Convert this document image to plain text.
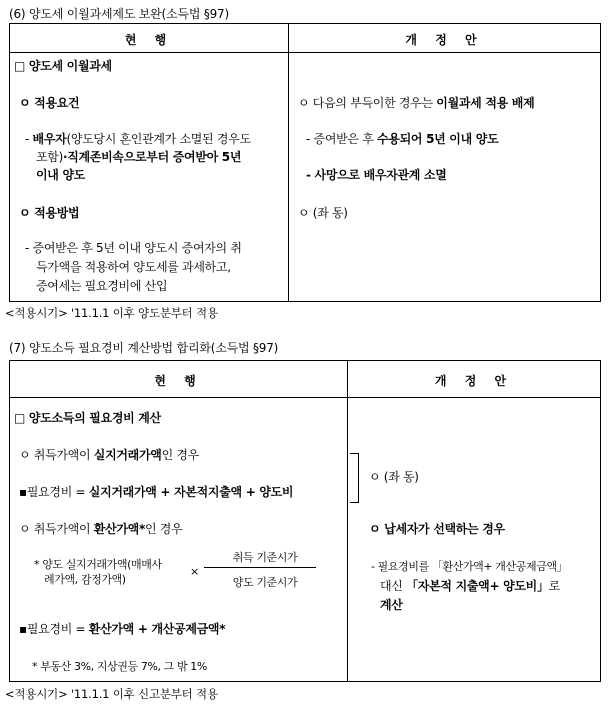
(6) 양도세 이월과세제도 보완(소득법 §97)
현 행	개 정 안
□ 양도세 이월과세
ㅇ 적용요건
- 배우자(양도당시 혼인관계가 소멸된 경우도
포함)·직계존비속으로부터 증여받아 5년
이내 양도
ㅇ 적용방법
- 증여받은 후 5년 이내 양도시 증여자의 취
득가액을 적용하여 양도세를 과세하고,
증여세는 필요경비에 산입
ㅇ 다음의 부득이한 경우는 이월과세 적용 배제
- 증여받은 후 수용되어 5년 이내 양도
- 사망으로 배우자관계 소멸
ㅇ (좌 동)
<적용시기> '11.1.1 이후 양도분부터 적용
(7) 양도소득 필요경비 계산방법 합리화(소득법 §97)
현 행	개 정 안
□ 양도소득의 필요경비 계산
ㅇ 취득가액이 실지거래가액인 경우
▪필요경비 = 실지거래가액 + 자본적지출액 + 양도비
ㅇ 취득가액이 환산가액*인 경우
* 양도 실지거래가액(매매사
례가액, 감정가액)
×
취득 기준시가
양도 기준시가
▪필요경비 = 환산가액 + 개산공제금액*
* 부동산 3%, 지상권등 7%, 그 밖 1%
ㅇ (좌 동)
ㅇ 납세자가 선택하는 경우
- 필요경비를 「환산가액+ 개산공제금액」
대신 「자본적 지출액+ 양도비」로
계산
<적용시기> '11.1.1 이후 신고분부터 적용
